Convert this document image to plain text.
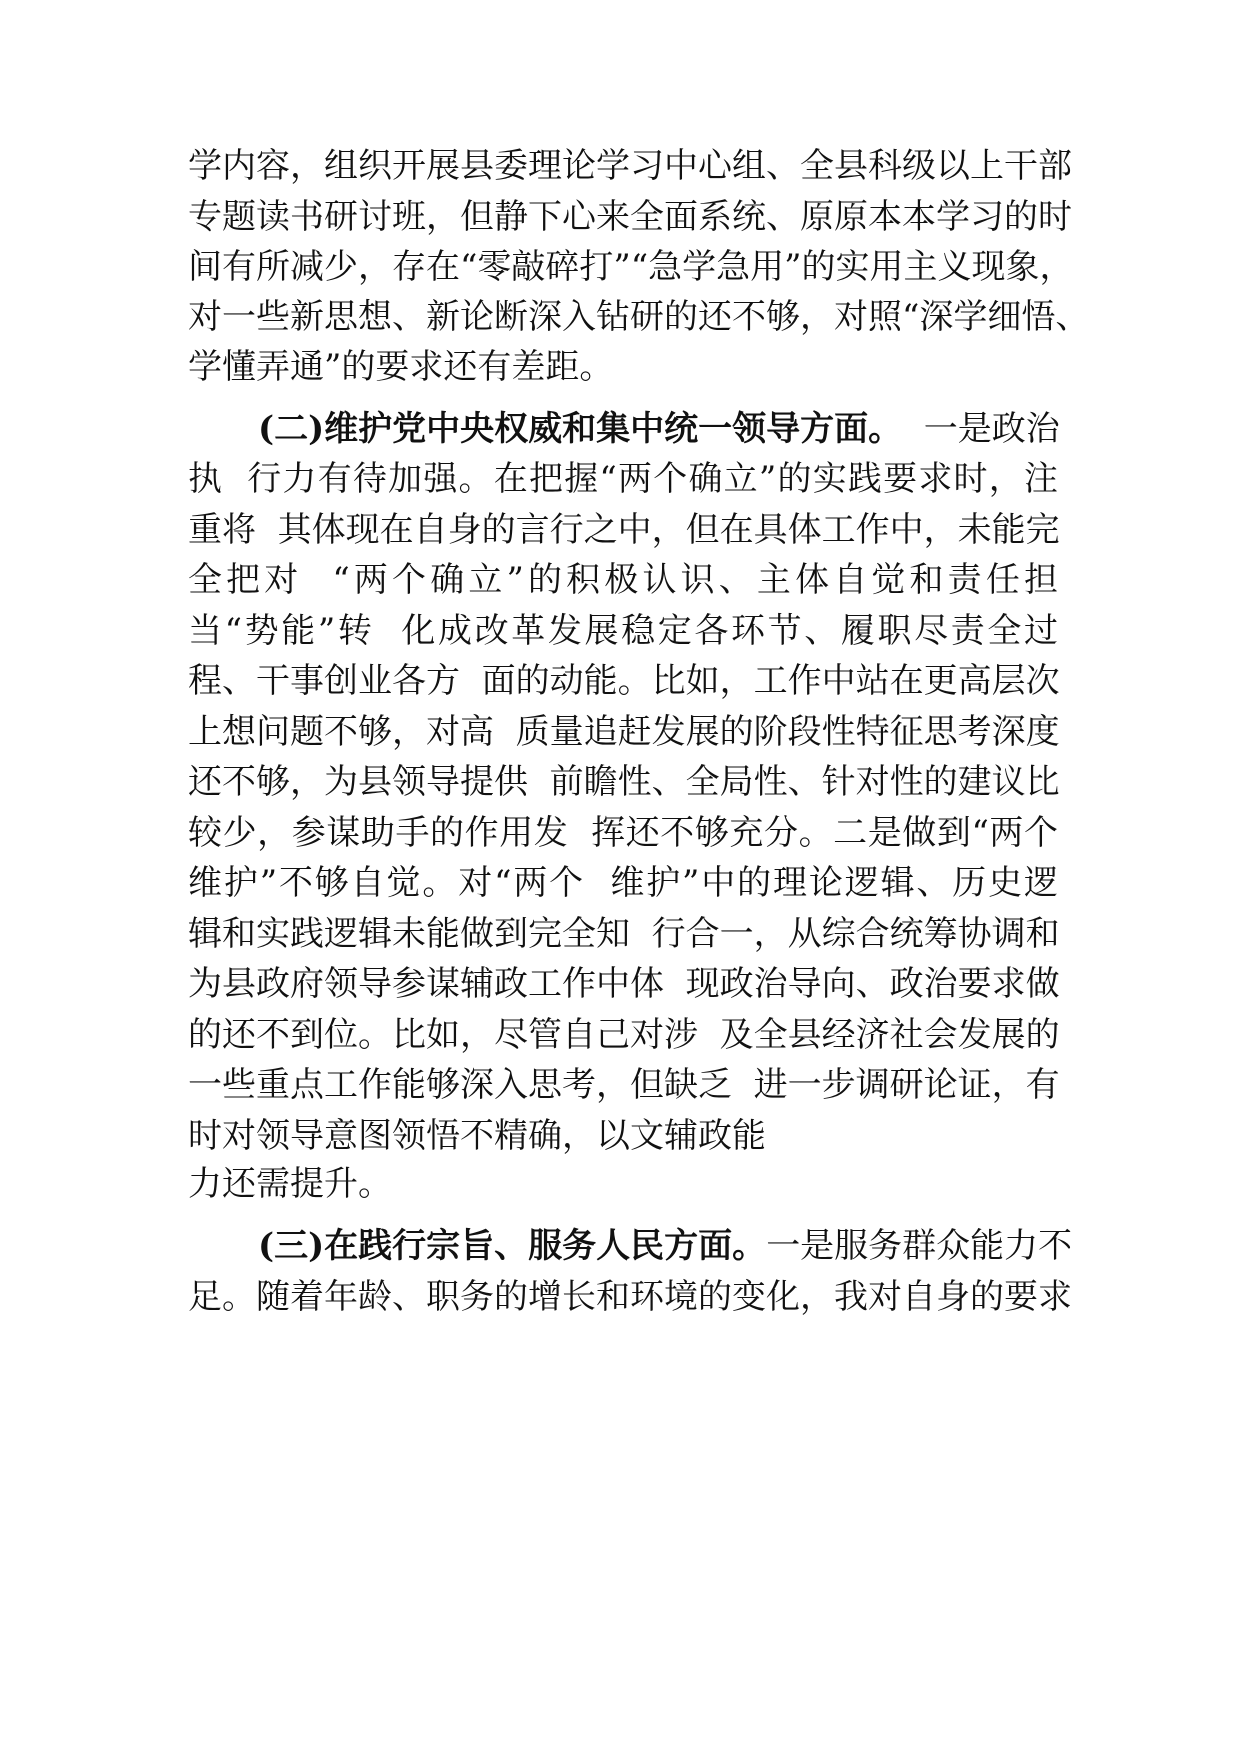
学内容，组织开展县委理论学习中心组、全县科级以上干部
专题读书研讨班，但静下心来全面系统、原原本本学习的时
间有所减少，存在“零敲碎打”“急学急用”的实用主义现象，
对一些新思想、新论断深入钻研的还不够，对照“深学细悟、
学懂弄通”的要求还有差距。
(二)维护党中央权威和集中统一领导方面。  一是政治
执  行力有待加强。在把握“两个确立”的实践要求时，注
重将  其体现在自身的言行之中，但在具体工作中，未能完
全把对  “两个确立”的积极认识、主体自觉和责任担
当“势能”转  化成改革发展稳定各环节、履职尽责全过
程、干事创业各方  面的动能。比如，工作中站在更高层次
上想问题不够，对高  质量追赶发展的阶段性特征思考深度
还不够，为县领导提供  前瞻性、全局性、针对性的建议比
较少，参谋助手的作用发  挥还不够充分。二是做到“两个
维护”不够自觉。对“两个  维护”中的理论逻辑、历史逻
辑和实践逻辑未能做到完全知  行合一，从综合统筹协调和
为县政府领导参谋辅政工作中体  现政治导向、政治要求做
的还不到位。比如，尽管自己对涉  及全县经济社会发展的
一些重点工作能够深入思考，但缺乏  进一步调研论证，有
时对领导意图领悟不精确，以文辅政能
力还需提升。
(三)在践行宗旨、服务人民方面。一是服务群众能力不
足。随着年龄、职务的增长和环境的变化，我对自身的要求
